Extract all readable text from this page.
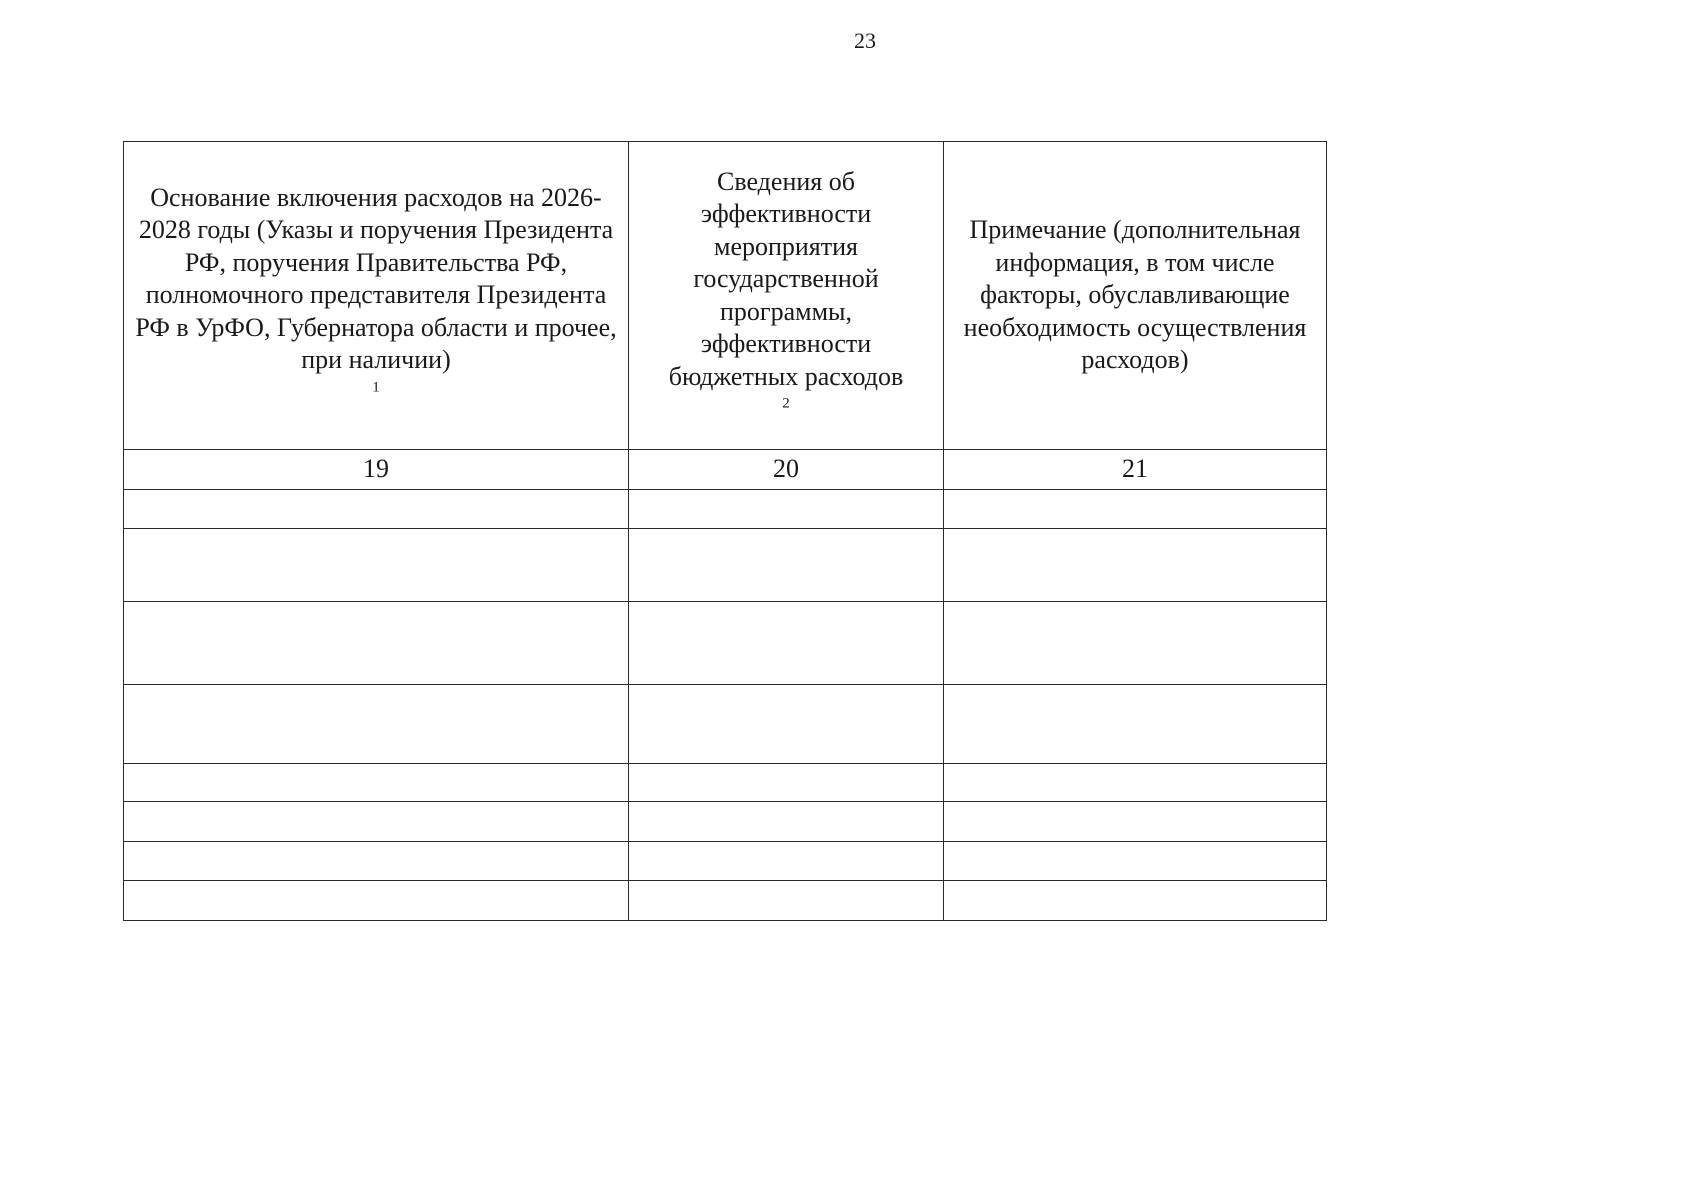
23
Основание включения расходов на 2026-2028 годы (Указы и поручения Президента РФ, поручения Правительства РФ, полномочного представителя Президента РФ в УрФО, Губернатора области и прочее, при наличии)$^1$	Сведения об эффективности мероприятия государственной программы, эффективности бюджетных расходов$^2$	Примечание (дополнительная информация, в том числе факторы, обуславливающие необходимость осуществления расходов)
19	20	21
